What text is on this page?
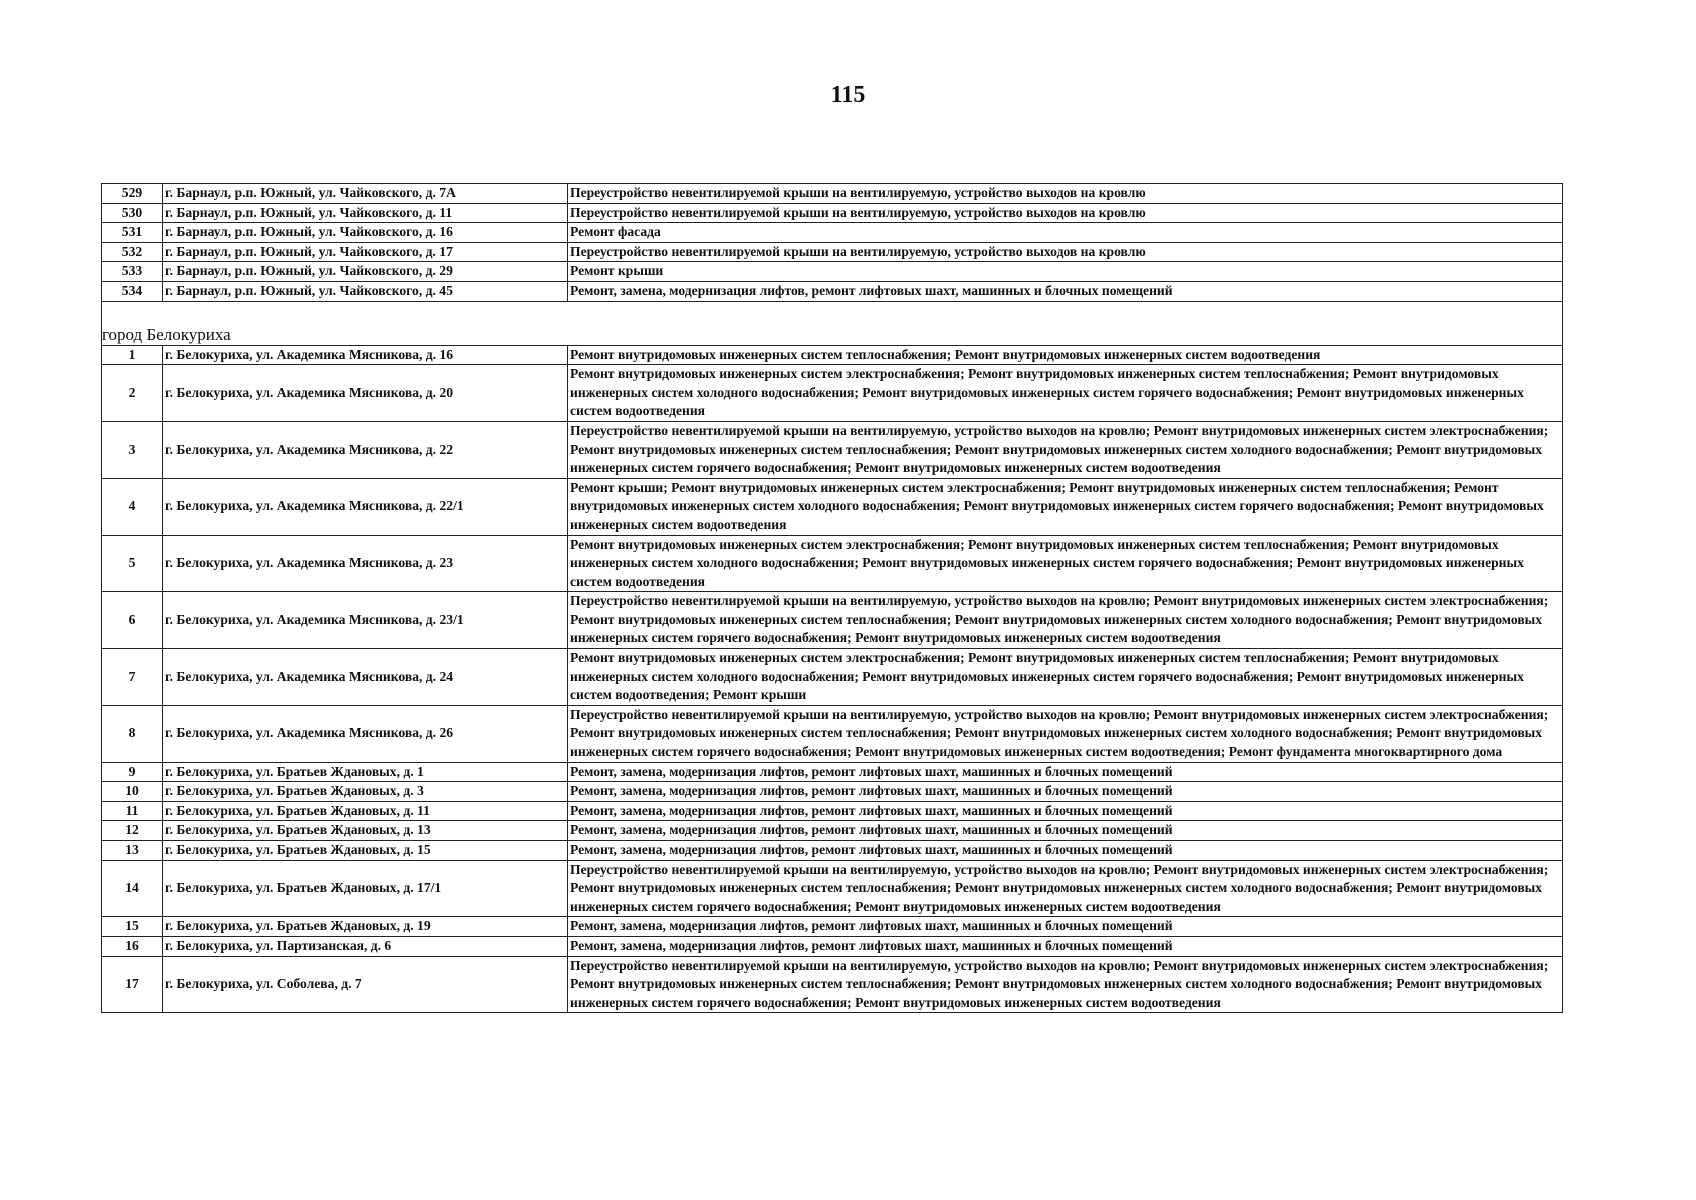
115
529	г. Барнаул, р.п. Южный, ул. Чайковского, д. 7А	Переустройство невентилируемой крыши на вентилируемую, устройство выходов на кровлю
530	г. Барнаул, р.п. Южный, ул. Чайковского, д. 11	Переустройство невентилируемой крыши на вентилируемую, устройство выходов на кровлю
531	г. Барнаул, р.п. Южный, ул. Чайковского, д. 16	Ремонт фасада
532	г. Барнаул, р.п. Южный, ул. Чайковского, д. 17	Переустройство невентилируемой крыши на вентилируемую, устройство выходов на кровлю
533	г. Барнаул, р.п. Южный, ул. Чайковского, д. 29	Ремонт крыши
534	г. Барнаул, р.п. Южный, ул. Чайковского, д. 45	Ремонт, замена, модернизация лифтов, ремонт лифтовых шахт, машинных и блочных помещений

город Белокуриха		
1	г. Белокуриха, ул. Академика Мясникова, д. 16	Ремонт внутридомовых инженерных систем теплоснабжения; Ремонт внутридомовых инженерных систем водоотведения
2	г. Белокуриха, ул. Академика Мясникова, д. 20	Ремонт внутридомовых инженерных систем электроснабжения; Ремонт внутридомовых инженерных систем теплоснабжения; Ремонт внутридомовых инженерных систем холодного водоснабжения; Ремонт внутридомовых инженерных систем горячего водоснабжения; Ремонт внутридомовых инженерных систем водоотведения
3	г. Белокуриха, ул. Академика Мясникова, д. 22	Переустройство невентилируемой крыши на вентилируемую, устройство выходов на кровлю; Ремонт внутридомовых инженерных систем электроснабжения; Ремонт внутридомовых инженерных систем теплоснабжения; Ремонт внутридомовых инженерных систем холодного водоснабжения; Ремонт внутридомовых инженерных систем горячего водоснабжения; Ремонт внутридомовых инженерных систем водоотведения
4	г. Белокуриха, ул. Академика Мясникова, д. 22/1	Ремонт крыши; Ремонт внутридомовых инженерных систем электроснабжения; Ремонт внутридомовых инженерных систем теплоснабжения; Ремонт внутридомовых инженерных систем холодного водоснабжения; Ремонт внутридомовых инженерных систем горячего водоснабжения; Ремонт внутридомовых инженерных систем водоотведения
5	г. Белокуриха, ул. Академика Мясникова, д. 23	Ремонт внутридомовых инженерных систем электроснабжения; Ремонт внутридомовых инженерных систем теплоснабжения; Ремонт внутридомовых инженерных систем холодного водоснабжения; Ремонт внутридомовых инженерных систем горячего водоснабжения; Ремонт внутридомовых инженерных систем водоотведения
6	г. Белокуриха, ул. Академика Мясникова, д. 23/1	Переустройство невентилируемой крыши на вентилируемую, устройство выходов на кровлю; Ремонт внутридомовых инженерных систем электроснабжения; Ремонт внутридомовых инженерных систем теплоснабжения; Ремонт внутридомовых инженерных систем холодного водоснабжения; Ремонт внутридомовых инженерных систем горячего водоснабжения; Ремонт внутридомовых инженерных систем водоотведения
7	г. Белокуриха, ул. Академика Мясникова, д. 24	Ремонт внутридомовых инженерных систем электроснабжения; Ремонт внутридомовых инженерных систем теплоснабжения; Ремонт внутридомовых инженерных систем холодного водоснабжения; Ремонт внутридомовых инженерных систем горячего водоснабжения; Ремонт внутридомовых инженерных систем водоотведения; Ремонт крыши
8	г. Белокуриха, ул. Академика Мясникова, д. 26	Переустройство невентилируемой крыши на вентилируемую, устройство выходов на кровлю; Ремонт внутридомовых инженерных систем электроснабжения; Ремонт внутридомовых инженерных систем теплоснабжения; Ремонт внутридомовых инженерных систем холодного водоснабжения; Ремонт внутридомовых инженерных систем горячего водоснабжения; Ремонт внутридомовых инженерных систем водоотведения; Ремонт фундамента многоквартирного дома
9	г. Белокуриха, ул. Братьев Ждановых, д. 1	Ремонт, замена, модернизация лифтов, ремонт лифтовых шахт, машинных и блочных помещений
10	г. Белокуриха, ул. Братьев Ждановых, д. 3	Ремонт, замена, модернизация лифтов, ремонт лифтовых шахт, машинных и блочных помещений
11	г. Белокуриха, ул. Братьев Ждановых, д. 11	Ремонт, замена, модернизация лифтов, ремонт лифтовых шахт, машинных и блочных помещений
12	г. Белокуриха, ул. Братьев Ждановых, д. 13	Ремонт, замена, модернизация лифтов, ремонт лифтовых шахт, машинных и блочных помещений
13	г. Белокуриха, ул. Братьев Ждановых, д. 15	Ремонт, замена, модернизация лифтов, ремонт лифтовых шахт, машинных и блочных помещений
14	г. Белокуриха, ул. Братьев Ждановых, д. 17/1	Переустройство невентилируемой крыши на вентилируемую, устройство выходов на кровлю; Ремонт внутридомовых инженерных систем электроснабжения; Ремонт внутридомовых инженерных систем теплоснабжения; Ремонт внутридомовых инженерных систем холодного водоснабжения; Ремонт внутридомовых инженерных систем горячего водоснабжения; Ремонт внутридомовых инженерных систем водоотведения
15	г. Белокуриха, ул. Братьев Ждановых, д. 19	Ремонт, замена, модернизация лифтов, ремонт лифтовых шахт, машинных и блочных помещений
16	г. Белокуриха, ул. Партизанская, д. 6	Ремонт, замена, модернизация лифтов, ремонт лифтовых шахт, машинных и блочных помещений
17	г. Белокуриха, ул. Соболева, д. 7	Переустройство невентилируемой крыши на вентилируемую, устройство выходов на кровлю; Ремонт внутридомовых инженерных систем электроснабжения; Ремонт внутридомовых инженерных систем теплоснабжения; Ремонт внутридомовых инженерных систем холодного водоснабжения; Ремонт внутридомовых инженерных систем горячего водоснабжения; Ремонт внутридомовых инженерных систем водоотведения
